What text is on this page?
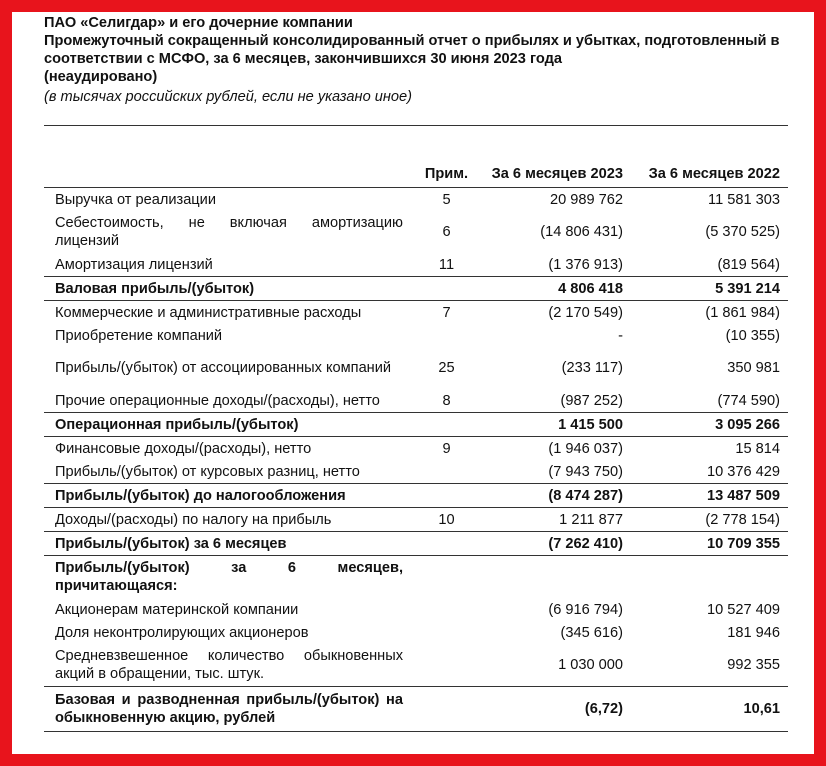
ПАО «Селигдар» и его дочерние компании
Промежуточный сокращенный консолидированный отчет о прибылях и убытках, подготовленный в
соответствии с МСФО, за 6 месяцев, закончившихся 30 июня 2023 года
(неаудировано)
(в тысячах российских рублей, если не указано иное)
	Прим.	За 6 месяцев 2023	За 6 месяцев 2022
Выручка от реализации	5	20 989 762	11 581 303
Себестоимость, не включая амортизацию лицензий	6	(14 806 431)	(5 370 525)
Амортизация лицензий	11	(1 376 913)	(819 564)
Валовая прибыль/(убыток)		4 806 418	5 391 214
Коммерческие и административные расходы	7	(2 170 549)	(1 861 984)
Приобретение компаний		-	(10 355)
Прибыль/(убыток) от ассоциированных компаний	25	(233 117)	350 981
Прочие операционные доходы/(расходы), нетто	8	(987 252)	(774 590)
Операционная прибыль/(убыток)		1 415 500	3 095 266
Финансовые доходы/(расходы), нетто	9	(1 946 037)	15 814
Прибыль/(убыток) от курсовых разниц, нетто		(7 943 750)	10 376 429
Прибыль/(убыток) до налогообложения		(8 474 287)	13 487 509
Доходы/(расходы) по налогу на прибыль	10	1 211 877	(2 778 154)
Прибыль/(убыток) за 6 месяцев		(7 262 410)	10 709 355
Прибыль/(убыток) за 6 месяцев, причитающаяся:			
Акционерам материнской компании		(6 916 794)	10 527 409
Доля неконтролирующих акционеров		(345 616)	181 946
Средневзвешенное количество обыкновенных акций в обращении, тыс. штук.		1 030 000	992 355
Базовая и разводненная прибыль/(убыток) на обыкновенную акцию, рублей		(6,72)	10,61
